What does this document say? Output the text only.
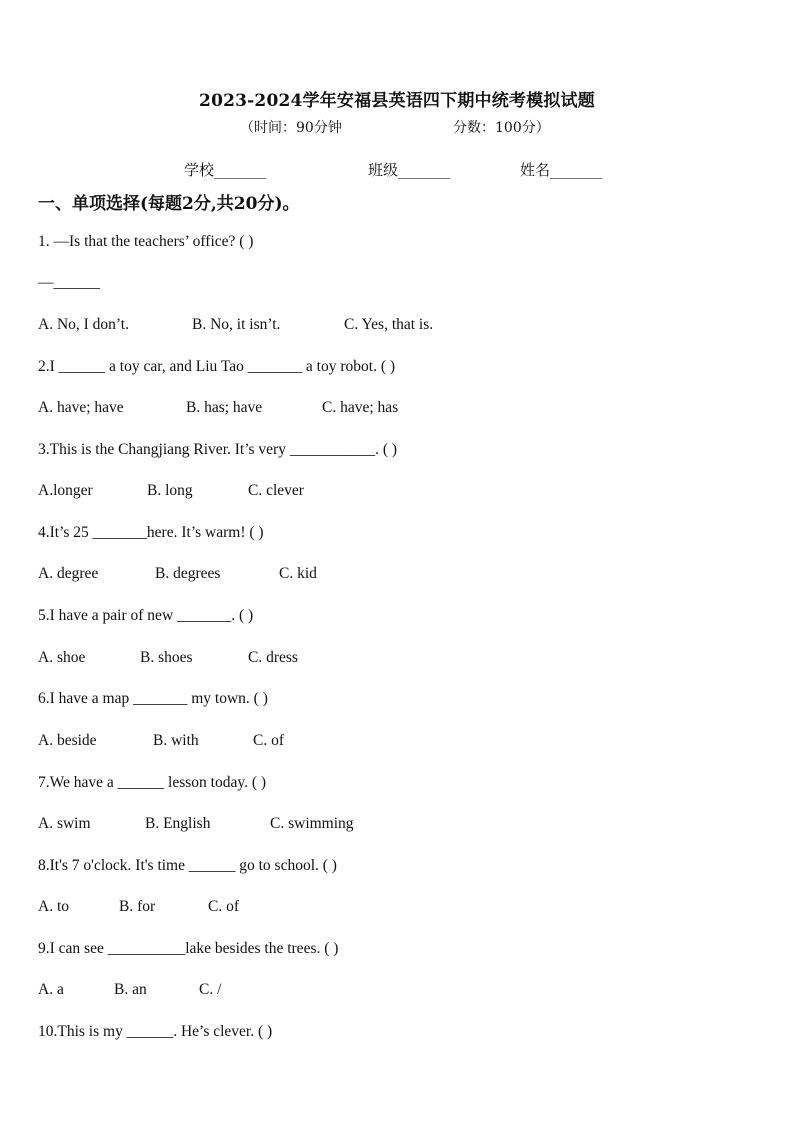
2023-2024学年安福县英语四下期中统考模拟试题
（时间：90分钟	分数：100分）
学校_______	班级_______	姓名_______
一、单项选择(每题2分,共20分)。
1. —Is that the teachers’ office? ( )
—______
A. No, I don’t.	B. No, it isn’t.	C. Yes, that is.
2.I ______ a toy car, and Liu Tao _______ a toy robot. ( )
A. have; have	B. has; have	C. have; has
3.This is the Changjiang River. It’s very ___________. ( )
A.longer	B. long	C. clever
4.It’s 25 _______here. It’s warm! ( )
A. degree	B. degrees	C. kid
5.I have a pair of new _______. ( )
A. shoe	B. shoes	C. dress
6.I have a map _______ my town. ( )
A. beside	B. with	C. of
7.We have a ______ lesson today. ( )
A. swim	B. English	C. swimming
8.It's 7 o'clock. It's time ______ go to school. ( )
A. to	B. for	C. of
9.I can see __________lake besides the trees. ( )
A. a	B. an	C. /
10.This is my ______. He’s clever. ( )
